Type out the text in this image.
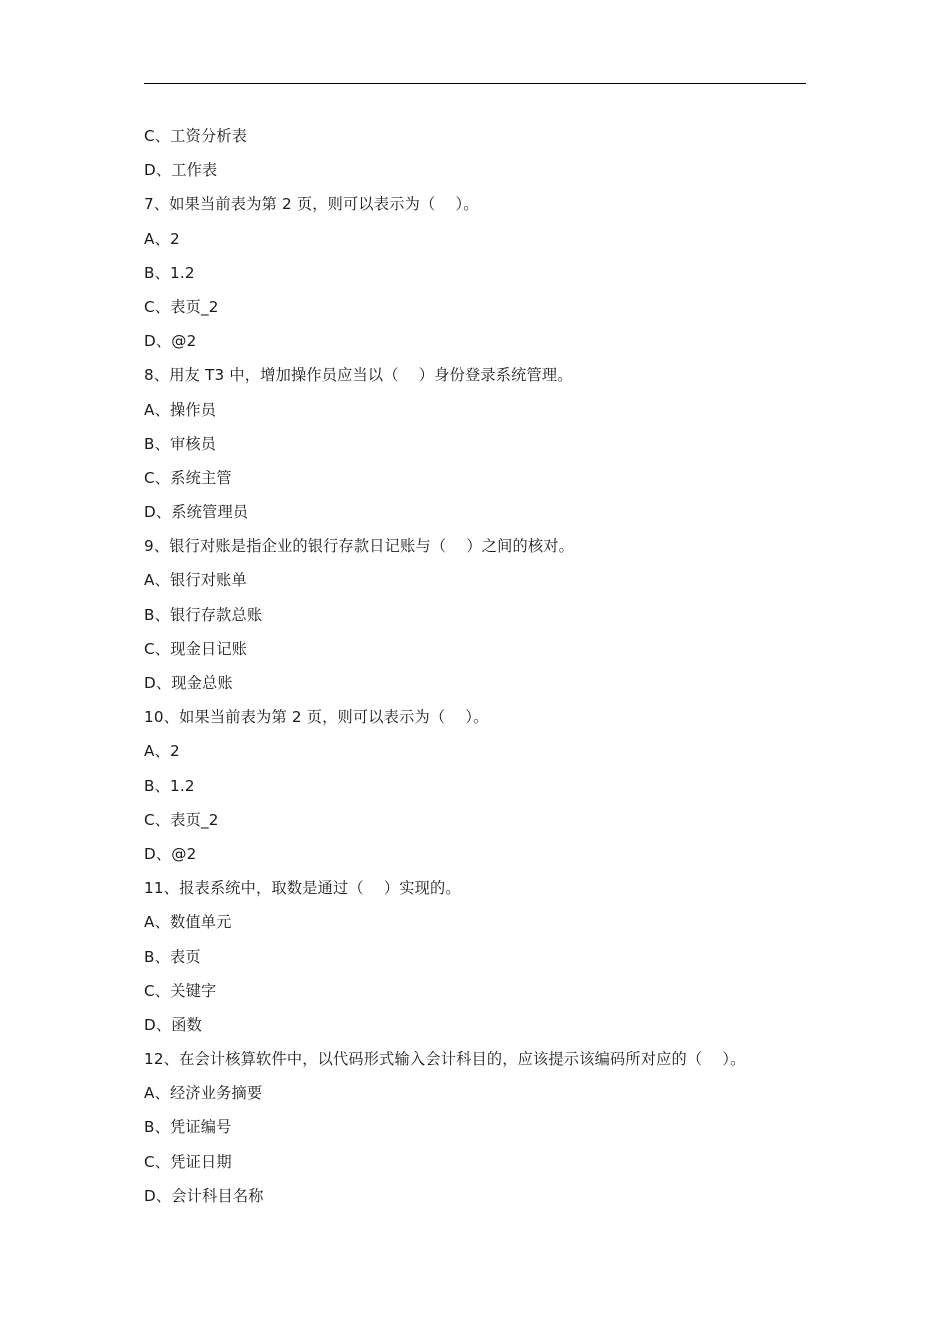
C、工资分析表
D、工作表
7、如果当前表为第 2 页，则可以表示为（    ）。
A、2
B、1.2
C、表页_2
D、@2
8、用友 T3 中，增加操作员应当以（    ）身份登录系统管理。
A、操作员
B、审核员
C、系统主管
D、系统管理员
9、银行对账是指企业的银行存款日记账与（    ）之间的核对。
A、银行对账单
B、银行存款总账
C、现金日记账
D、现金总账
10、如果当前表为第 2 页，则可以表示为（    ）。
A、2
B、1.2
C、表页_2
D、@2
11、报表系统中，取数是通过（    ）实现的。
A、数值单元
B、表页
C、关键字
D、函数
12、在会计核算软件中，以代码形式输入会计科目的，应该提示该编码所对应的（    ）。
A、经济业务摘要
B、凭证编号
C、凭证日期
D、会计科目名称
